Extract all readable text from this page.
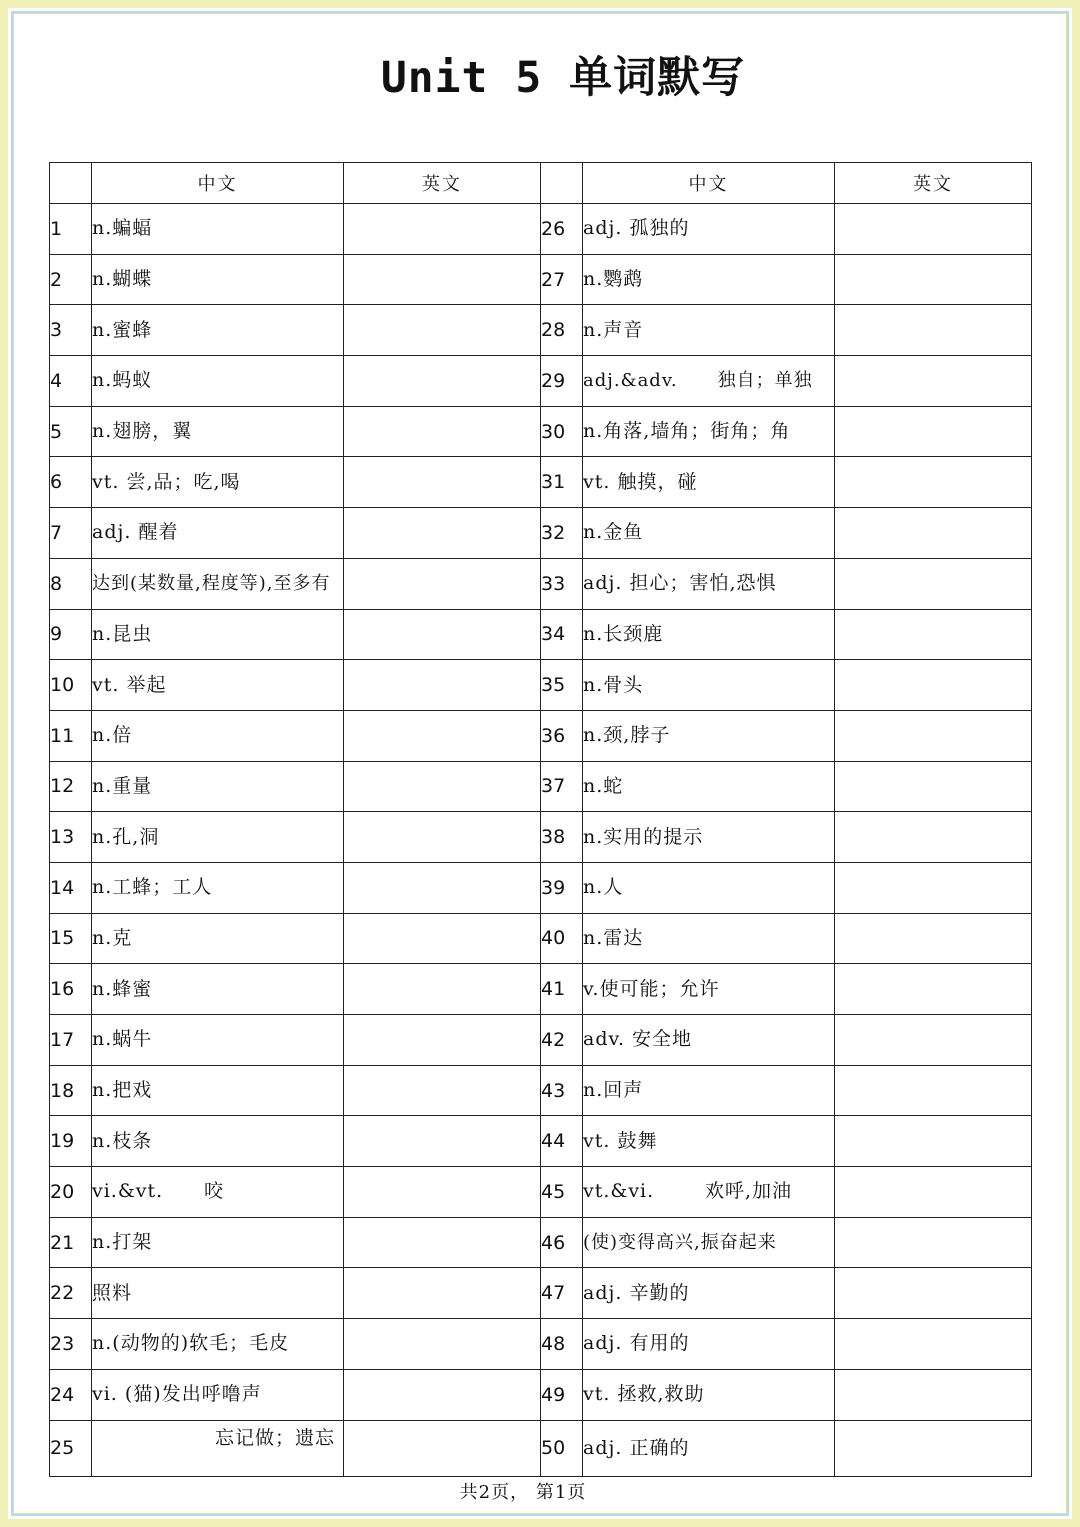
Unit 5 单词默写
	中文	英文		中文	英文
1	n.蝙蝠		26	adj. 孤独的	
2	n.蝴蝶		27	n.鹦鹉	
3	n.蜜蜂		28	n.声音	
4	n.蚂蚁		29	adj.&adv. 独自；单独	
5	n.翅膀，翼		30	n.角落,墙角；街角；角	
6	vt. 尝,品；吃,喝		31	vt. 触摸，碰	
7	adj. 醒着		32	n.金鱼	
8	达到(某数量,程度等),至多有		33	adj. 担心；害怕,恐惧	
9	n.昆虫		34	n.长颈鹿	
10	vt. 举起		35	n.骨头	
11	n.倍		36	n.颈,脖子	
12	n.重量		37	n.蛇	
13	n.孔,洞		38	n.实用的提示	
14	n.工蜂；工人		39	n.人	
15	n.克		40	n.雷达	
16	n.蜂蜜		41	v.使可能；允许	
17	n.蜗牛		42	adv. 安全地	
18	n.把戏		43	n.回声	
19	n.枝条		44	vt. 鼓舞	
20	vi.&vt. 咬		45	vt.&vi. 欢呼,加油	
21	n.打架		46	(使)变得高兴,振奋起来	
22	照料		47	adj. 辛勤的	
23	n.(动物的)软毛；毛皮		48	adj. 有用的	
24	vi. (猫)发出呼噜声		49	vt. 拯救,救助	
25	忘记做；遗忘		50	adj. 正确的	
共2页， 第1页
